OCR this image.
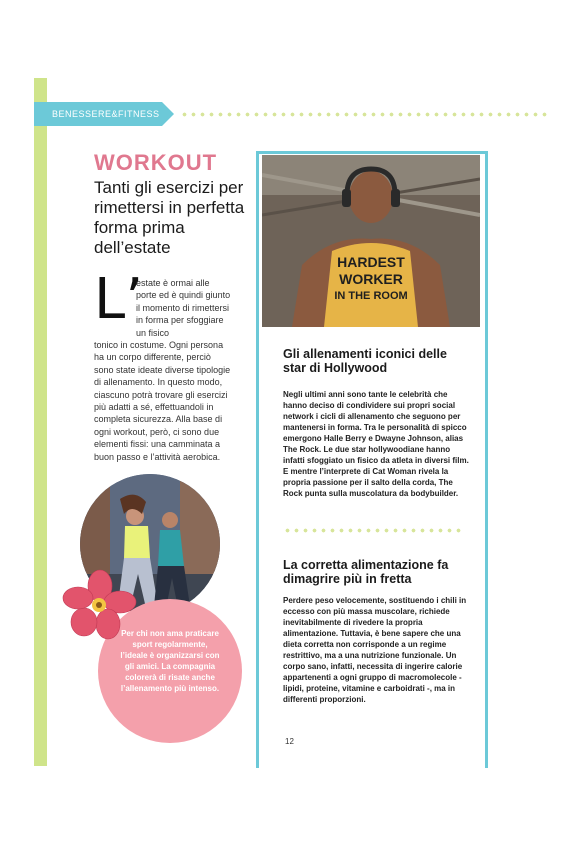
BENESSERE&FITNESS
WORKOUT
Tanti gli esercizi per rimettersi in perfetta forma prima dell’estate
L’

estate è ormai alle porte ed è quindi giunto il momento di rimettersi in forma per sfoggiare un fisico

tonico in costume. Ogni persona ha un corpo differente, perciò sono state ideate diverse tipologie di allenamento. In questo modo, ciascuno potrà trovare gli esercizi più adatti a sé, effettuandoli in completa sicurezza. Alla base di ogni workout, però, ci sono due elementi fissi: una camminata a buon passo e l’attività aerobica.

Per chi non ama praticare sport regolarmente, l’ideale è organizzarsi con gli amici. La compagnia colorerà di risate anche l’allenamento più intenso.

HARDEST
WORKER
IN THE ROOM
Gli allenamenti iconici delle star di Hollywood

Negli ultimi anni sono tante le celebrità che hanno deciso di condividere sui propri social network i cicli di allenamento che seguono per mantenersi in forma. Tra le personalità di spicco emergono Halle Berry e Dwayne Johnson, alias The Rock. Le due star hollywoodiane hanno infatti sfoggiato un fisico da atleta in diversi film. E mentre l’interprete di Cat Woman rivela la propria passione per il salto della corda, The Rock punta sulla muscolatura da bodybuilder.

La corretta alimentazione fa dimagrire più in fretta

Perdere peso velocemente, sostituendo i chili in eccesso con più massa muscolare, richiede inevitabilmente di rivedere la propria alimentazione. Tuttavia, è bene sapere che una dieta corretta non corrisponde a un regime restrittivo, ma a una nutrizione funzionale. Un corpo sano, infatti, necessita di ingerire calorie appartenenti a ogni gruppo di macromolecole - lipidi, proteine, vitamine e carboidrati -, ma in differenti proporzioni.

12
